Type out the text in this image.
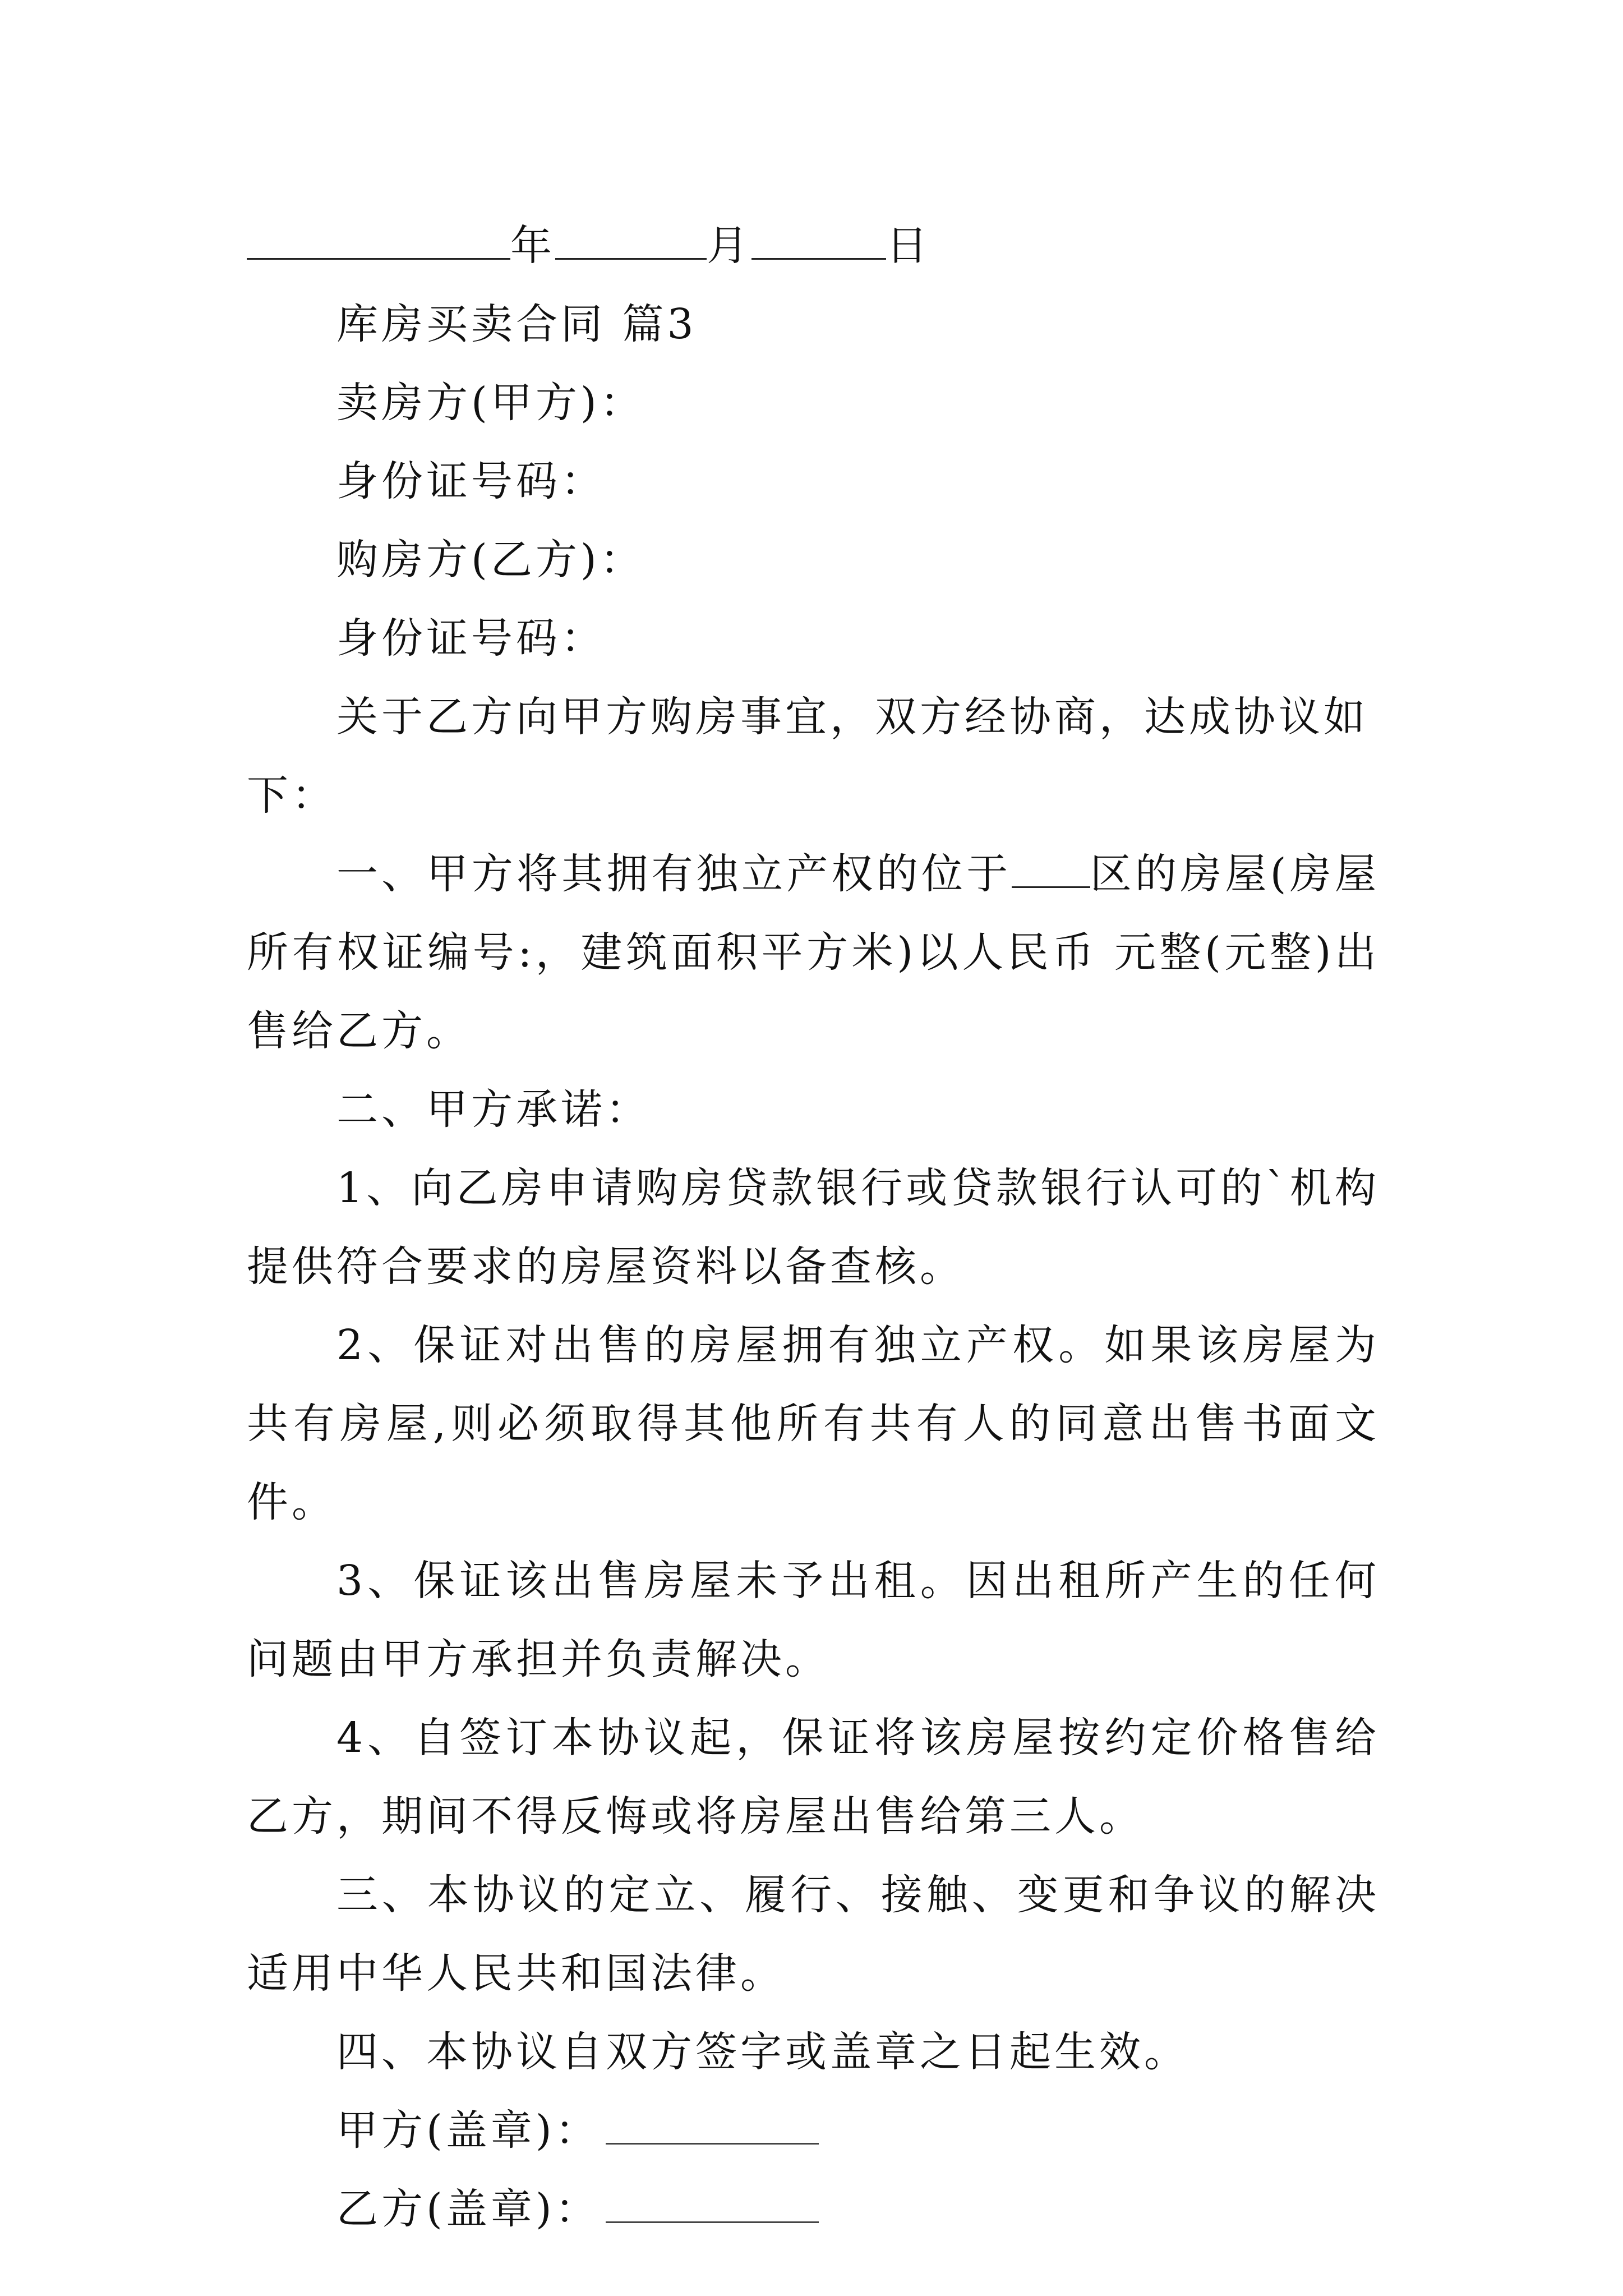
年	月	日

库房买卖合同 篇3

卖房方(甲方)：

身份证号码：

购房方(乙方)：

身份证号码：

关于乙方向甲方购房事宜，双方经协商，达成协议如下：

一、甲方将其拥有独立产权的位于 区的房屋(房屋所有权证编号:，建筑面积平方米)以人民币 元整(元整)出售给乙方。

二、甲方承诺：

1、向乙房申请购房贷款银行或贷款银行认可的`机构提供符合要求的房屋资料以备查核。

2、保证对出售的房屋拥有独立产权。如果该房屋为共有房屋,则必须取得其他所有共有人的同意出售书面文件。

3、保证该出售房屋未予出租。因出租所产生的任何问题由甲方承担并负责解决。

4、自签订本协议起，保证将该房屋按约定价格售给乙方，期间不得反悔或将房屋出售给第三人。

三、本协议的定立、履行、接触、变更和争议的解决适用中华人民共和国法律。

四、本协议自双方签字或盖章之日起生效。

甲方(盖章)：

乙方(盖章)：
